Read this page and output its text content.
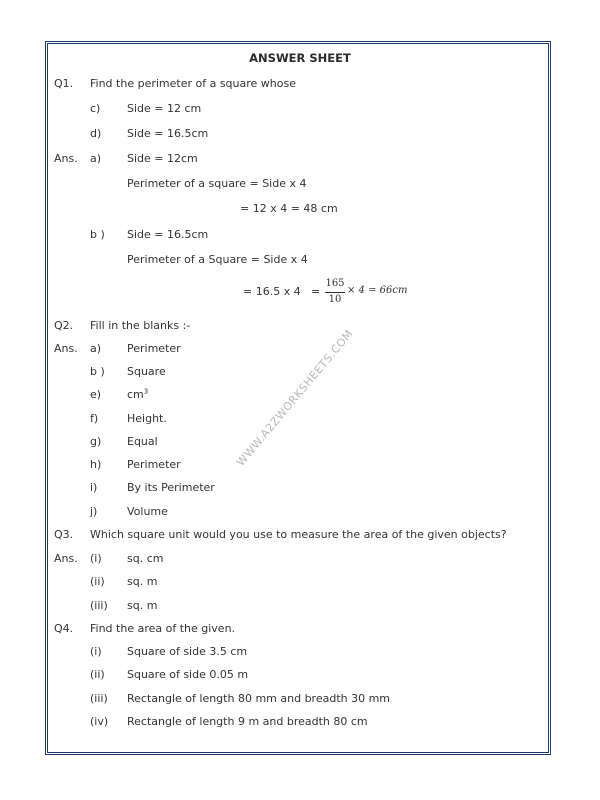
ANSWER SHEET
WWW.A2ZWORKSHEETS.COM
Q1. Find the perimeter of a square whose
c) Side = 12 cm
d) Side = 16.5cm
Ans. a) Side = 12cm
Perimeter of a square = Side x 4
= 12 x 4 = 48 cm
b ) Side = 16.5cm
Perimeter of a Square = Side x 4
= 16.5 x 4 =
165
10
× 4 = 66cm
Q2. Fill in the blanks :-
Ans. a) Perimeter
b ) Square
e) $cm^3$
f)	Height.
g) Equal
h) Perimeter
i)	By its Perimeter
j)	Volume
Q3. Which square unit would you use to measure the area of the given objects?
Ans. (i) sq. cm
(ii) sq. m
(iii) sq. m
Q4. Find the area of the given.
(i) Square of side 3.5 cm
(ii) Square of side 0.05 m
(iii) Rectangle of length 80 mm and breadth 30 mm
(iv) Rectangle of length 9 m and breadth 80 cm
